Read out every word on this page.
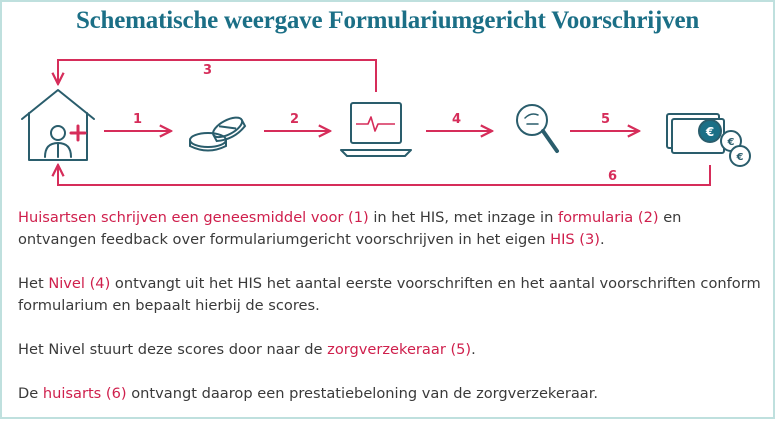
Schematische weergave Formulariumgericht Voorschrijven
€
€
€
1	2
3
4	5
6

Huisartsen schrijven een geneesmiddel voor (1) in het HIS, met inzage in formularia (2) en ontvangen feedback over formulariumgericht voorschrijven in het eigen HIS (3).

Het Nivel (4) ontvangt uit het HIS het aantal eerste voorschriften en het aantal voorschriften conform formularium en bepaalt hierbij de scores.

Het Nivel stuurt deze scores door naar de zorgverzekeraar (5).

De huisarts (6) ontvangt daarop een prestatiebeloning van de zorgverzekeraar.
